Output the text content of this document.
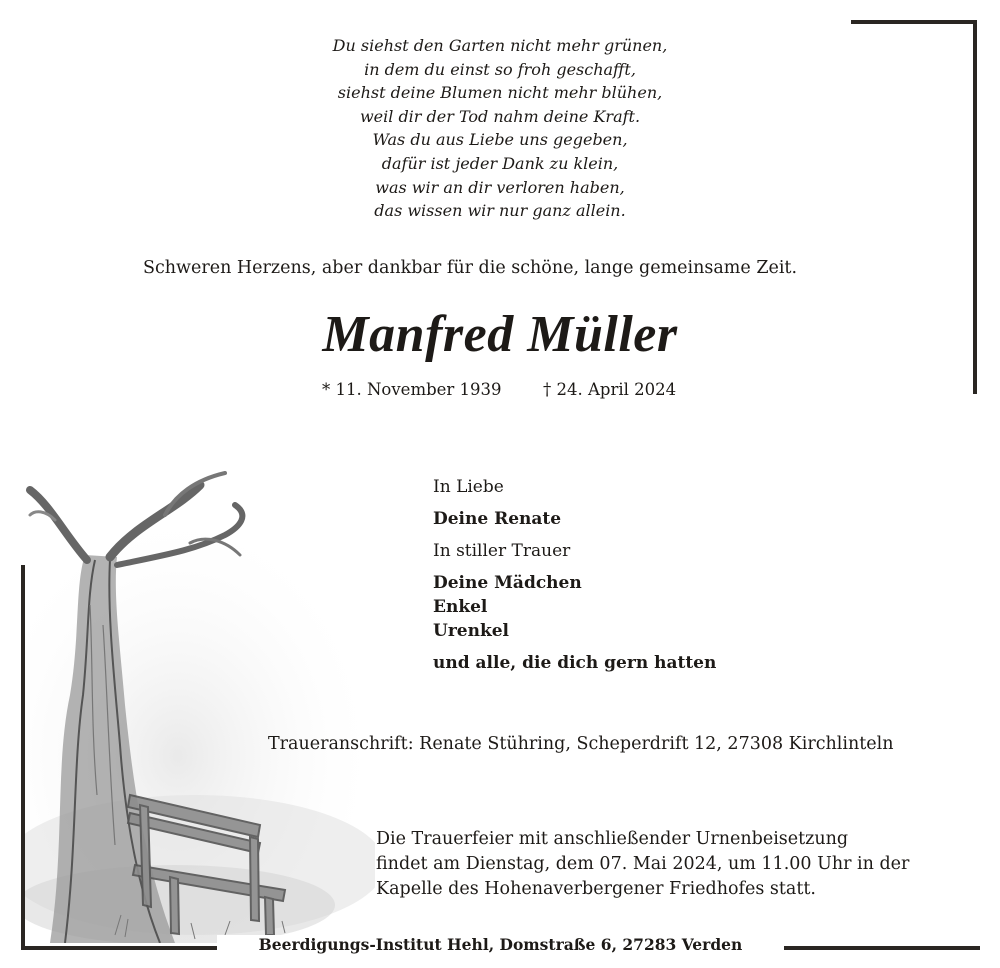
Du siehst den Garten nicht mehr grünen,
in dem du einst so froh geschafft,
siehst deine Blumen nicht mehr blühen,
weil dir der Tod nahm deine Kraft.
Was du aus Liebe uns gegeben,
dafür ist jeder Dank zu klein,
was wir an dir verloren haben,
das wissen wir nur ganz allein.
Schweren Herzens, aber dankbar für die schöne, lange gemeinsame Zeit.
Manfred Müller
* 11. November 1939	† 24. April 2024
In Liebe
Deine Renate
In stiller Trauer
Deine Mädchen
Enkel
Urenkel
und alle, die dich gern hatten
Traueranschrift: Renate Stühring, Scheperdrift 12, 27308 Kirchlinteln
Die Trauerfeier mit anschließender Urnenbeisetzung
findet am Dienstag, dem 07. Mai 2024, um 11.00 Uhr in der
Kapelle des Hohenaverbergener Friedhofes statt.
Beerdigungs-Institut Hehl, Domstraße 6, 27283 Verden
